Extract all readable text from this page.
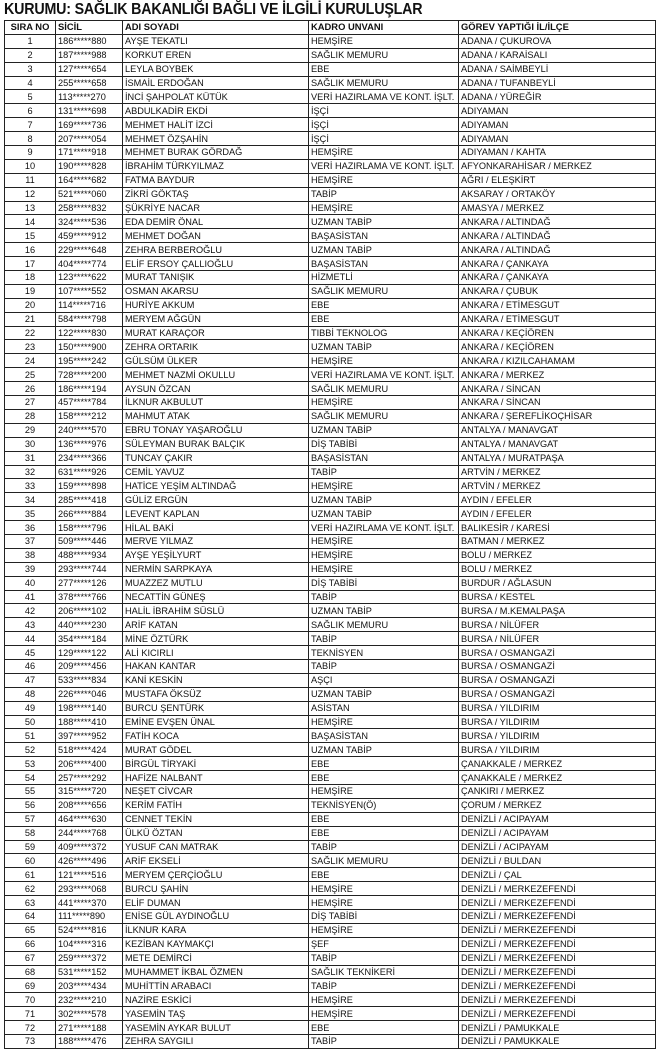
KURUMU: SAĞLIK BAKANLIĞI BAĞLI VE İLGİLİ KURULUŞLAR
SIRA NO	SİCİL	ADI SOYADI	KADRO UNVANI	GÖREV YAPTIĞI İL/İLÇE
1	186*****880	AYŞE TEKATLI	HEMŞİRE	ADANA / ÇUKUROVA
2	187*****988	KORKUT EREN	SAĞLIK MEMURU	ADANA / KARAİSALI
3	127*****654	LEYLA BOYBEK	EBE	ADANA / SAİMBEYLİ
4	255*****658	İSMAİL ERDOĞAN	SAĞLIK MEMURU	ADANA / TUFANBEYLİ
5	113*****270	İNCİ ŞAHPOLAT KÜTÜK	VERİ HAZIRLAMA VE KONT. İŞLT.	ADANA / YÜREĞİR
6	131*****698	ABDULKADİR EKDİ	İŞÇİ	ADIYAMAN
7	169*****736	MEHMET HALİT İZCİ	İŞÇİ	ADIYAMAN
8	207*****054	MEHMET ÖZŞAHİN	İŞÇİ	ADIYAMAN
9	171*****918	MEHMET BURAK GÖRDAĞ	HEMŞİRE	ADIYAMAN / KAHTA
10	190*****828	İBRAHİM TÜRKYILMAZ	VERİ HAZIRLAMA VE KONT. İŞLT.	AFYONKARAHİSAR / MERKEZ
11	164*****682	FATMA BAYDUR	HEMŞİRE	AĞRI / ELEŞKİRT
12	521*****060	ZİKRİ GÖKTAŞ	TABİP	AKSARAY / ORTAKÖY
13	258*****832	ŞÜKRİYE NACAR	HEMŞİRE	AMASYA / MERKEZ
14	324*****536	EDA DEMİR ÖNAL	UZMAN TABİP	ANKARA / ALTINDAĞ
15	459*****912	MEHMET DOĞAN	BAŞASİSTAN	ANKARA / ALTINDAĞ
16	229*****648	ZEHRA BERBEROĞLU	UZMAN TABİP	ANKARA / ALTINDAĞ
17	404*****774	ELİF ERSOY ÇALLIOĞLU	BAŞASİSTAN	ANKARA / ÇANKAYA
18	123*****622	MURAT TANIŞIK	HİZMETLİ	ANKARA / ÇANKAYA
19	107*****552	OSMAN AKARSU	SAĞLIK MEMURU	ANKARA / ÇUBUK
20	114*****716	HURİYE AKKUM	EBE	ANKARA / ETİMESGUT
21	584*****798	MERYEM AĞGÜN	EBE	ANKARA / ETİMESGUT
22	122*****830	MURAT KARAÇOR	TIBBİ TEKNOLOG	ANKARA / KEÇİÖREN
23	150*****900	ZEHRA ORTARIK	UZMAN TABİP	ANKARA / KEÇİÖREN
24	195*****242	GÜLSÜM ÜLKER	HEMŞİRE	ANKARA / KIZILCAHAMAM
25	728*****200	MEHMET NAZMİ OKULLU	VERİ HAZIRLAMA VE KONT. İŞLT.	ANKARA / MERKEZ
26	186*****194	AYSUN ÖZCAN	SAĞLIK MEMURU	ANKARA / SİNCAN
27	457*****784	İLKNUR AKBULUT	HEMŞİRE	ANKARA / SİNCAN
28	158*****212	MAHMUT ATAK	SAĞLIK MEMURU	ANKARA / ŞEREFLİKOÇHİSAR
29	240*****570	EBRU TONAY YAŞAROĞLU	UZMAN TABİP	ANTALYA / MANAVGAT
30	136*****976	SÜLEYMAN BURAK BALÇIK	DİŞ TABİBİ	ANTALYA / MANAVGAT
31	234*****366	TUNCAY ÇAKIR	BAŞASİSTAN	ANTALYA / MURATPAŞA
32	631*****926	CEMİL YAVUZ	TABİP	ARTVİN / MERKEZ
33	159*****898	HATİCE YEŞİM ALTINDAĞ	HEMŞİRE	ARTVİN / MERKEZ
34	285*****418	GÜLİZ ERGÜN	UZMAN TABİP	AYDIN / EFELER
35	266*****884	LEVENT KAPLAN	UZMAN TABİP	AYDIN / EFELER
36	158*****796	HİLAL BAKİ	VERİ HAZIRLAMA VE KONT. İŞLT.	BALIKESİR / KARESİ
37	509*****446	MERVE YILMAZ	HEMŞİRE	BATMAN / MERKEZ
38	488*****934	AYŞE YEŞİLYURT	HEMŞİRE	BOLU / MERKEZ
39	293*****744	NERMİN SARPKAYA	HEMŞİRE	BOLU / MERKEZ
40	277*****126	MUAZZEZ MUTLU	DİŞ TABİBİ	BURDUR / AĞLASUN
41	378*****766	NECATTİN GÜNEŞ	TABİP	BURSA / KESTEL
42	206*****102	HALİL İBRAHİM SÜSLÜ	UZMAN TABİP	BURSA / M.KEMALPAŞA
43	440*****230	ARİF KATAN	SAĞLIK MEMURU	BURSA / NİLÜFER
44	354*****184	MİNE ÖZTÜRK	TABİP	BURSA / NİLÜFER
45	129*****122	ALİ KICIRLI	TEKNİSYEN	BURSA / OSMANGAZİ
46	209*****456	HAKAN KANTAR	TABİP	BURSA / OSMANGAZİ
47	533*****834	KANİ KESKİN	AŞÇI	BURSA / OSMANGAZİ
48	226*****046	MUSTAFA ÖKSÜZ	UZMAN TABİP	BURSA / OSMANGAZİ
49	198*****140	BURCU ŞENTÜRK	ASİSTAN	BURSA / YILDIRIM
50	188*****410	EMİNE EVŞEN ÜNAL	HEMŞİRE	BURSA / YILDIRIM
51	397*****952	FATİH KOCA	BAŞASİSTAN	BURSA / YILDIRIM
52	518*****424	MURAT GÖDEL	UZMAN TABİP	BURSA / YILDIRIM
53	206*****400	BİRGÜL TİRYAKİ	EBE	ÇANAKKALE / MERKEZ
54	257*****292	HAFİZE NALBANT	EBE	ÇANAKKALE / MERKEZ
55	315*****720	NEŞET CİVCAR	HEMŞİRE	ÇANKIRI / MERKEZ
56	208*****656	KERİM FATİH	TEKNİSYEN(Ö)	ÇORUM / MERKEZ
57	464*****630	CENNET TEKİN	EBE	DENİZLİ / ACIPAYAM
58	244*****768	ÜLKÜ ÖZTAN	EBE	DENİZLİ / ACIPAYAM
59	409*****372	YUSUF CAN MATRAK	TABİP	DENİZLİ / ACIPAYAM
60	426*****496	ARİF EKSELİ	SAĞLIK MEMURU	DENİZLİ / BULDAN
61	121*****516	MERYEM ÇERÇİOĞLU	EBE	DENİZLİ / ÇAL
62	293*****068	BURCU ŞAHİN	HEMŞİRE	DENİZLİ / MERKEZEFENDİ
63	441*****370	ELİF DUMAN	HEMŞİRE	DENİZLİ / MERKEZEFENDİ
64	111*****890	ENİSE GÜL AYDINOĞLU	DİŞ TABİBİ	DENİZLİ / MERKEZEFENDİ
65	524*****816	İLKNUR KARA	HEMŞİRE	DENİZLİ / MERKEZEFENDİ
66	104*****316	KEZİBAN KAYMAKÇI	ŞEF	DENİZLİ / MERKEZEFENDİ
67	259*****372	METE DEMİRCİ	TABİP	DENİZLİ / MERKEZEFENDİ
68	531*****152	MUHAMMET İKBAL ÖZMEN	SAĞLIK TEKNİKERİ	DENİZLİ / MERKEZEFENDİ
69	203*****434	MUHİTTİN ARABACI	TABİP	DENİZLİ / MERKEZEFENDİ
70	232*****210	NAZİRE ESKİCİ	HEMŞİRE	DENİZLİ / MERKEZEFENDİ
71	302*****578	YASEMİN TAŞ	HEMŞİRE	DENİZLİ / MERKEZEFENDİ
72	271*****188	YASEMİN AYKAR BULUT	EBE	DENİZLİ / PAMUKKALE
73	188*****476	ZEHRA SAYGILI	TABİP	DENİZLİ / PAMUKKALE
